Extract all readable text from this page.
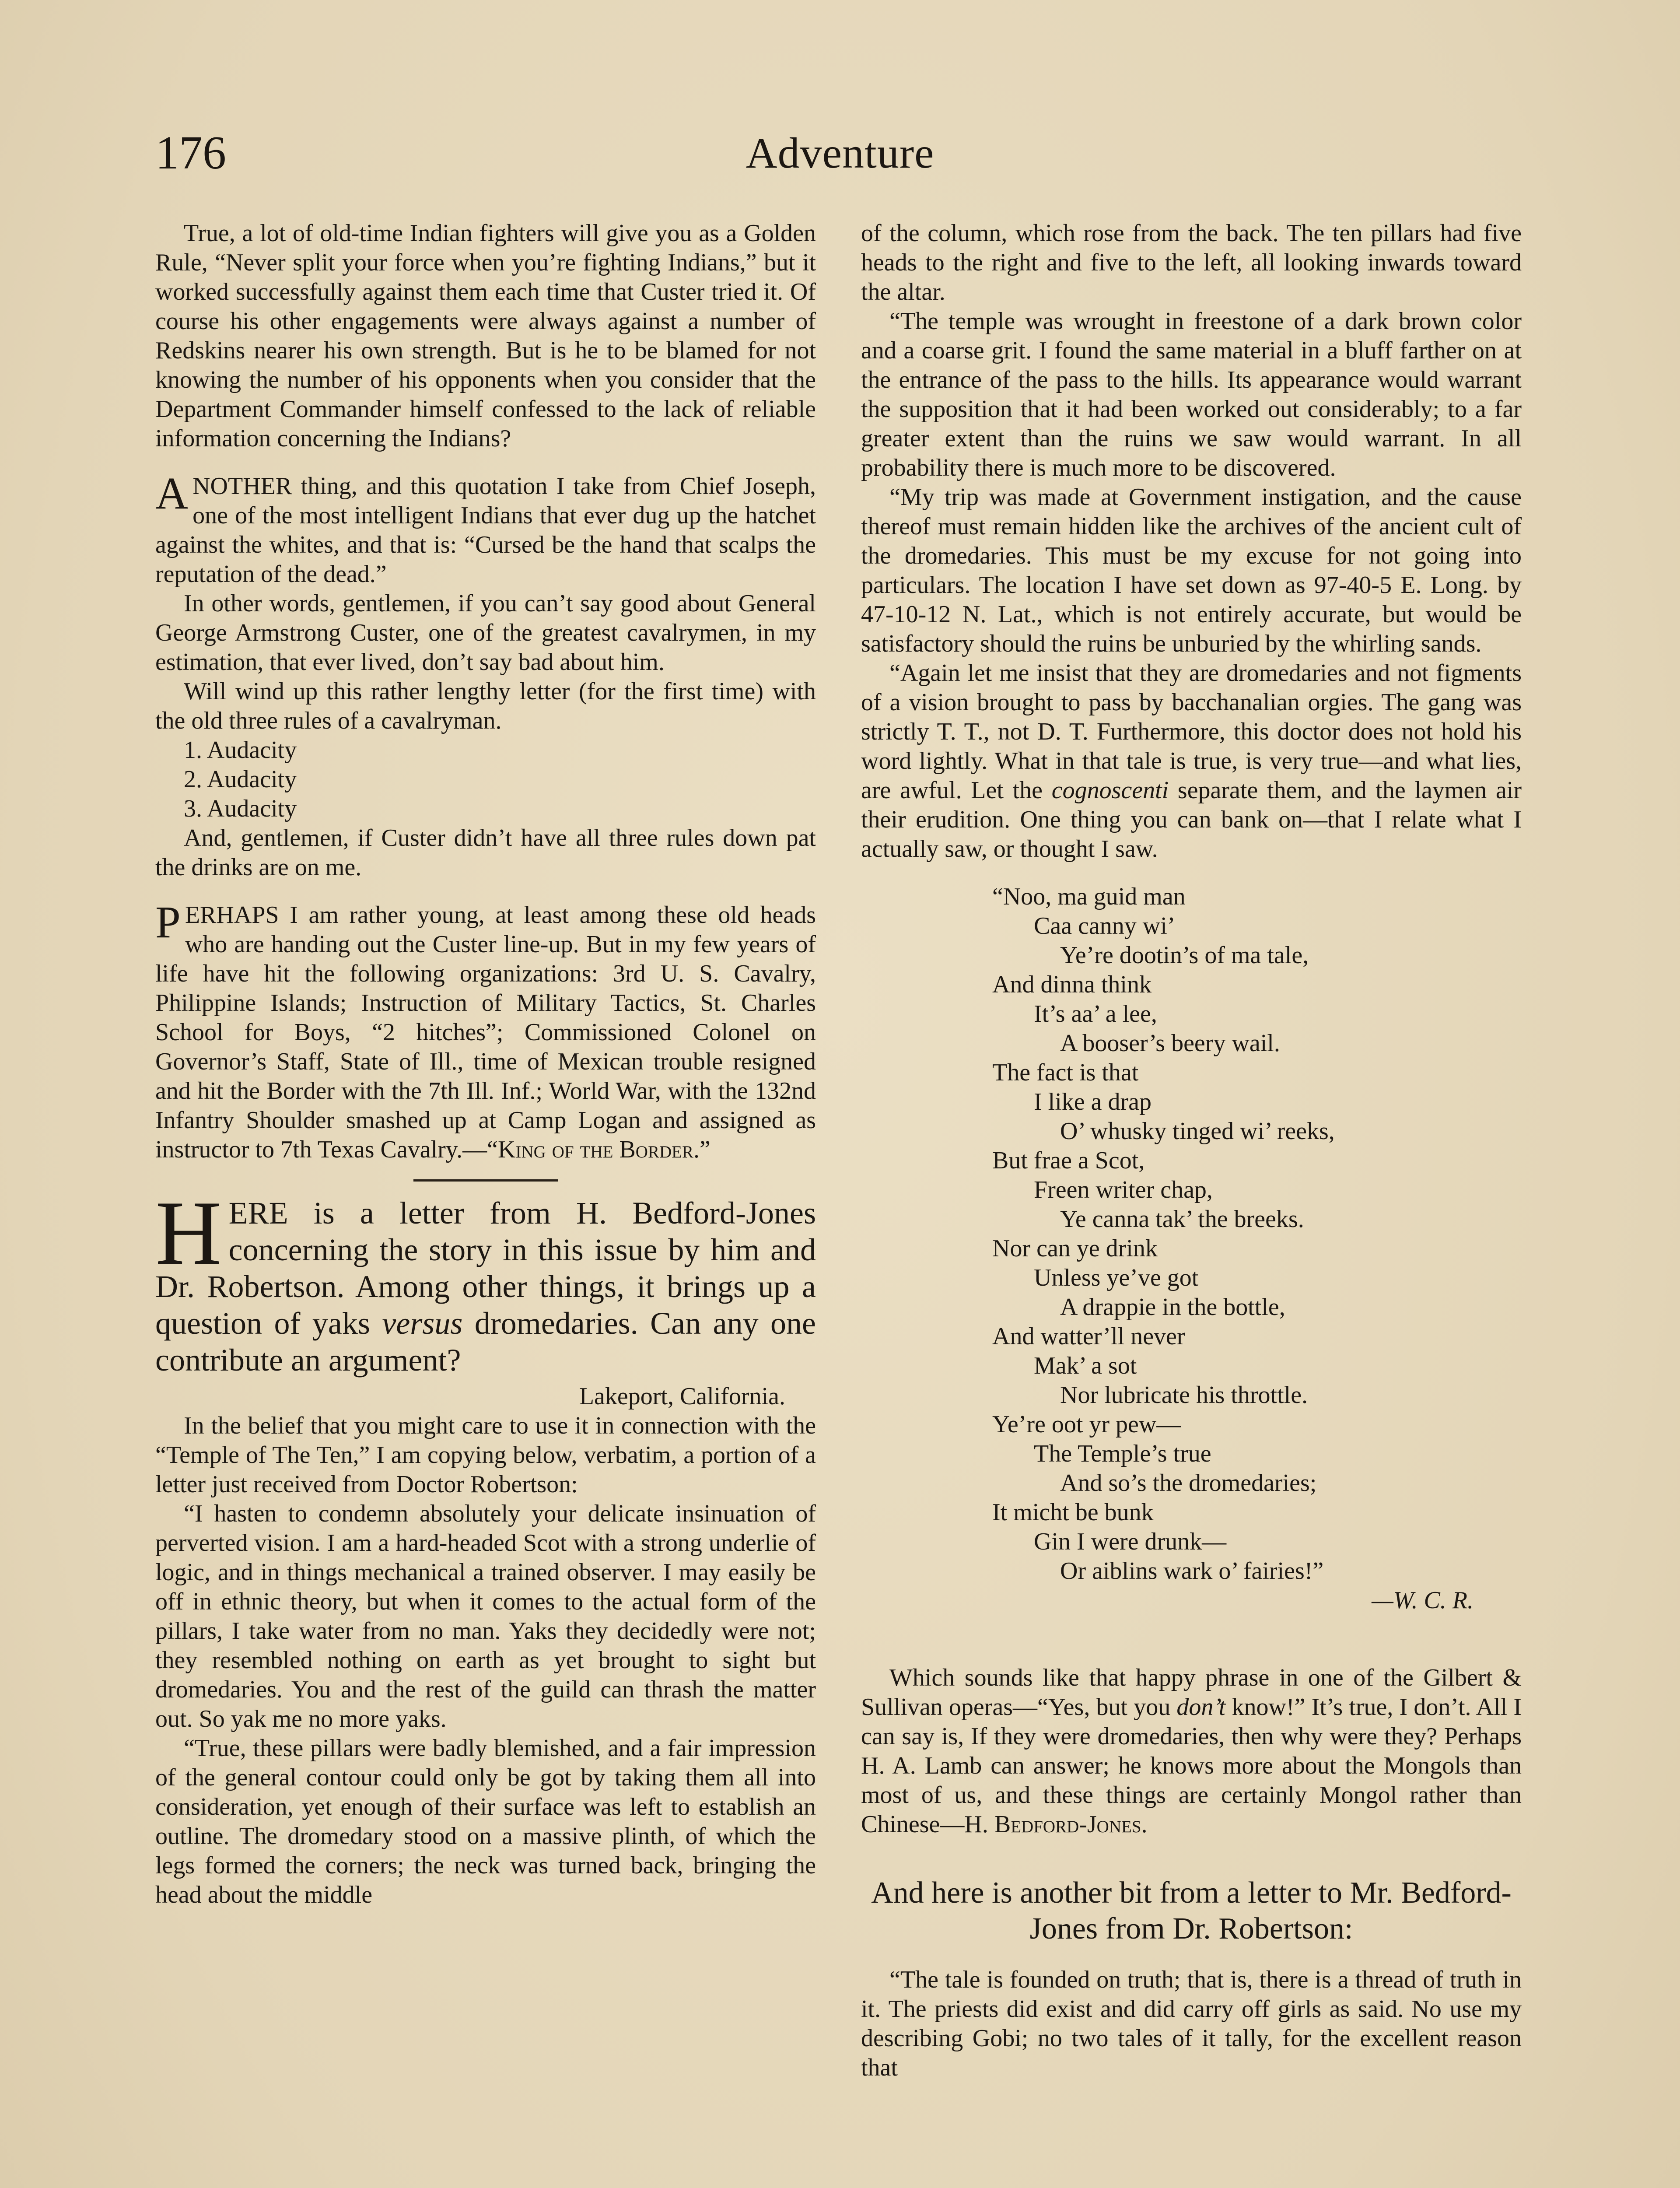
176	Adventure

True, a lot of old-time Indian fighters will give you as a Golden Rule, “Never split your force when you’re fighting Indians,” but it worked successfully against them each time that Custer tried it. Of course his other engagements were always against a number of Redskins nearer his own strength. But is he to be blamed for not knowing the number of his opponents when you consider that the Department Commander himself confessed to the lack of reliable information concerning the Indians?

ANOTHER thing, and this quotation I take from Chief Joseph, one of the most intelligent Indians that ever dug up the hatchet against the whites, and that is: “Cursed be the hand that scalps the reputation of the dead.”

In other words, gentlemen, if you can’t say good about General George Armstrong Custer, one of the greatest cavalrymen, in my estimation, that ever lived, don’t say bad about him.

Will wind up this rather lengthy letter (for the first time) with the old three rules of a cavalryman.

1. Audacity
2. Audacity
3. Audacity

And, gentlemen, if Custer didn’t have all three rules down pat the drinks are on me.

PERHAPS I am rather young, at least among these old heads who are handing out the Custer line-up. But in my few years of life have hit the following organizations: 3rd U. S. Cavalry, Philippine Islands; Instruction of Military Tactics, St. Charles School for Boys, “2 hitches”; Commissioned Colonel on Governor’s Staff, State of Ill., time of Mexican trouble resigned and hit the Border with the 7th Ill. Inf.; World War, with the 132nd Infantry Shoulder smashed up at Camp Logan and assigned as instructor to 7th Texas Cavalry.—“King of the Border.”

HERE is a letter from H. Bedford-Jones concerning the story in this issue by him and Dr. Robertson. Among other things, it brings up a question of yaks versus dromedaries. Can any one contribute an argument?

Lakeport, California.

In the belief that you might care to use it in connection with the “Temple of The Ten,” I am copying below, verbatim, a portion of a letter just received from Doctor Robertson:

“I hasten to condemn absolutely your delicate insinuation of perverted vision. I am a hard-headed Scot with a strong underlie of logic, and in things mechanical a trained observer. I may easily be off in ethnic theory, but when it comes to the actual form of the pillars, I take water from no man. Yaks they decidedly were not; they resembled nothing on earth as yet brought to sight but dromedaries. You and the rest of the guild can thrash the matter out. So yak me no more yaks.

“True, these pillars were badly blemished, and a fair impression of the general contour could only be got by taking them all into consideration, yet enough of their surface was left to establish an outline. The dromedary stood on a massive plinth, of which the legs formed the corners; the neck was turned back, bringing the head about the middle

of the column, which rose from the back. The ten pillars had five heads to the right and five to the left, all looking inwards toward the altar.

“The temple was wrought in freestone of a dark brown color and a coarse grit. I found the same material in a bluff farther on at the entrance of the pass to the hills. Its appearance would warrant the supposition that it had been worked out considerably; to a far greater extent than the ruins we saw would warrant. In all probability there is much more to be discovered.

“My trip was made at Government instigation, and the cause thereof must remain hidden like the archives of the ancient cult of the dromedaries. This must be my excuse for not going into particulars. The location I have set down as 97-40-5 E. Long. by 47-10-12 N. Lat., which is not entirely accurate, but would be satisfactory should the ruins be unburied by the whirling sands.

“Again let me insist that they are dromedaries and not figments of a vision brought to pass by bacchanalian orgies. The gang was strictly T. T., not D. T. Furthermore, this doctor does not hold his word lightly. What in that tale is true, is very true—and what lies, are awful. Let the cognoscenti separate them, and the laymen air their erudition. One thing you can bank on—that I relate what I actually saw, or thought I saw.

“Noo, ma guid man
Caa canny wi’
Ye’re dootin’s of ma tale,
And dinna think
It’s aa’ a lee,
A booser’s beery wail.
The fact is that
I like a drap
O’ whusky tinged wi’ reeks,
But frae a Scot,
Freen writer chap,
Ye canna tak’ the breeks.
Nor can ye drink
Unless ye’ve got
A drappie in the bottle,
And watter’ll never
Mak’ a sot
Nor lubricate his throttle.
Ye’re oot yr pew—
The Temple’s true
And so’s the dromedaries;
It micht be bunk
Gin I were drunk—
Or aiblins wark o’ fairies!”
—W. C. R.

Which sounds like that happy phrase in one of the Gilbert & Sullivan operas—“Yes, but you don’t know!” It’s true, I don’t. All I can say is, If they were dromedaries, then why were they? Perhaps H. A. Lamb can answer; he knows more about the Mongols than most of us, and these things are certainly Mongol rather than Chinese—H. Bedford-Jones.

And here is another bit from a letter to Mr. Bedford-Jones from Dr. Robertson:

“The tale is founded on truth; that is, there is a thread of truth in it. The priests did exist and did carry off girls as said. No use my describing Gobi; no two tales of it tally, for the excellent reason that
